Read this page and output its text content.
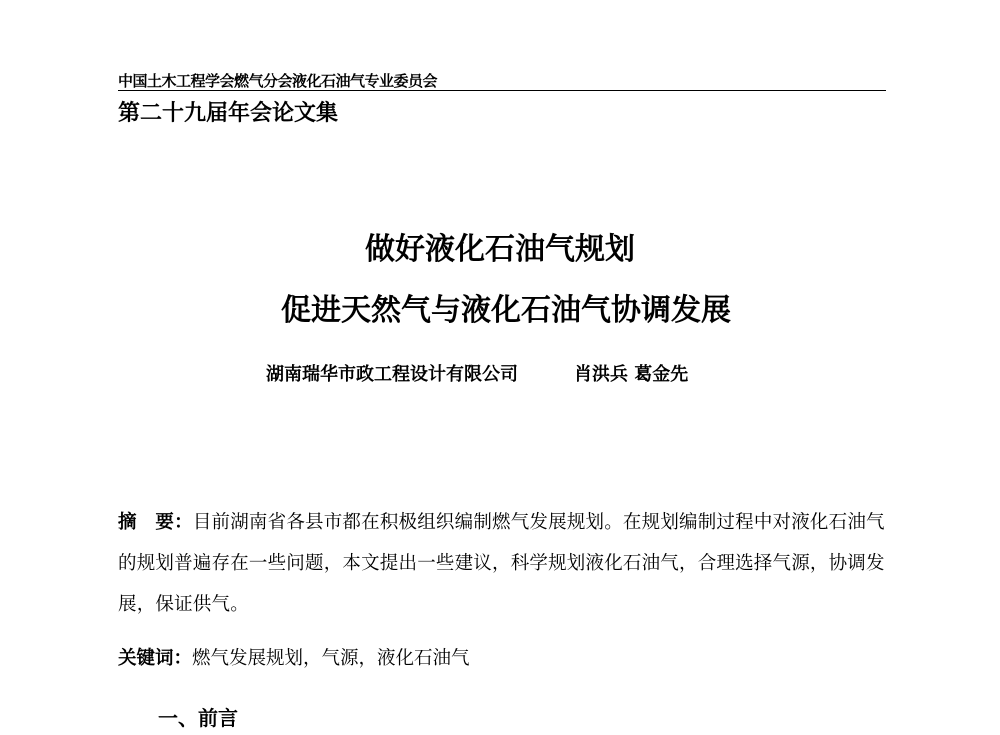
中国土木工程学会燃气分会液化石油气专业委员会
第二十九届年会论文集
做好液化石油气规划
促进天然气与液化石油气协调发展
湖南瑞华市政工程设计有限公司	肖洪兵 葛金先
摘　要：目前湖南省各县市都在积极组织编制燃气发展规划。在规划编制过程中对液化石油气的规划普遍存在一些问题，本文提出一些建议，科学规划液化石油气，合理选择气源，协调发展，保证供气。
关键词：燃气发展规划，气源，液化石油气
一、前言
